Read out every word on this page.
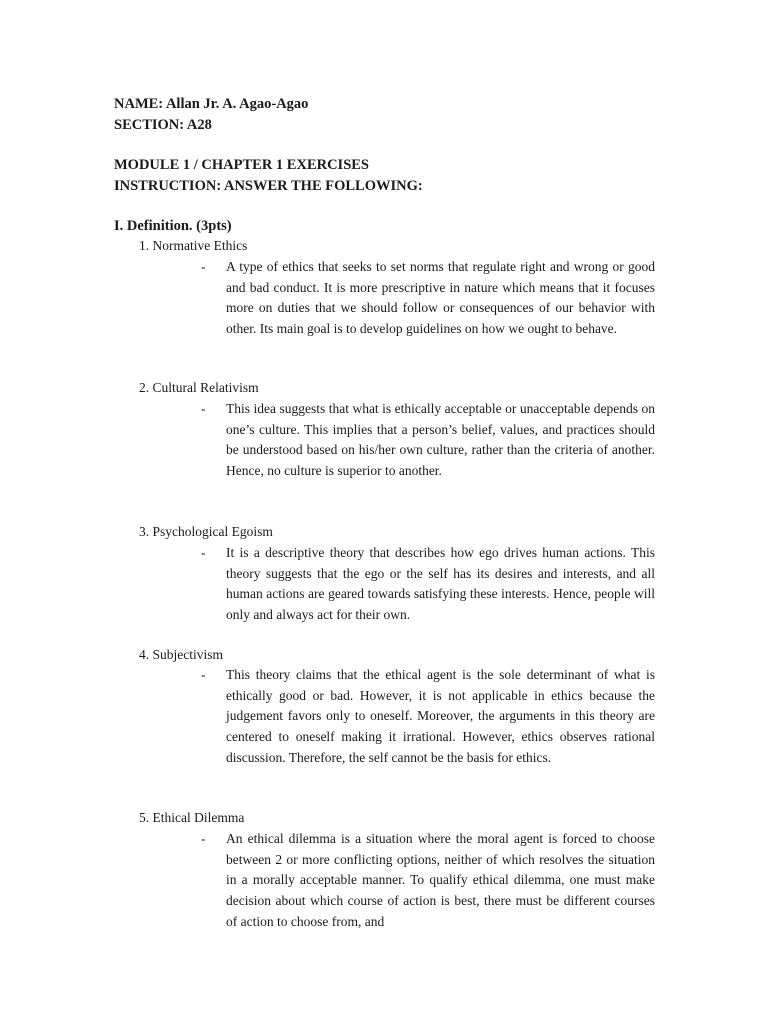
NAME: Allan Jr. A. Agao-Agao

SECTION: A28

MODULE 1 / CHAPTER 1 EXERCISES

INSTRUCTION: ANSWER THE FOLLOWING:

I. Definition. (3pts)

1. Normative Ethics

- A type of ethics that seeks to set norms that regulate right and wrong or good and bad conduct. It is more prescriptive in nature which means that it focuses more on duties that we should follow or consequences of our behavior with other. Its main goal is to develop guidelines on how we ought to behave.

2. Cultural Relativism

- This idea suggests that what is ethically acceptable or unacceptable depends on one’s culture. This implies that a person’s belief, values, and practices should be understood based on his/her own culture, rather than the criteria of another. Hence, no culture is superior to another.

3. Psychological Egoism

- It is a descriptive theory that describes how ego drives human actions. This theory suggests that the ego or the self has its desires and interests, and all human actions are geared towards satisfying these interests. Hence, people will only and always act for their own.

4. Subjectivism

- This theory claims that the ethical agent is the sole determinant of what is ethically good or bad. However, it is not applicable in ethics because the judgement favors only to oneself. Moreover, the arguments in this theory are centered to oneself making it irrational. However, ethics observes rational discussion. Therefore, the self cannot be the basis for ethics.

5. Ethical Dilemma

- An ethical dilemma is a situation where the moral agent is forced to choose between 2 or more conflicting options, neither of which resolves the situation in a morally acceptable manner. To qualify ethical dilemma, one must make decision about which course of action is best, there must be different courses of action to choose from, and
